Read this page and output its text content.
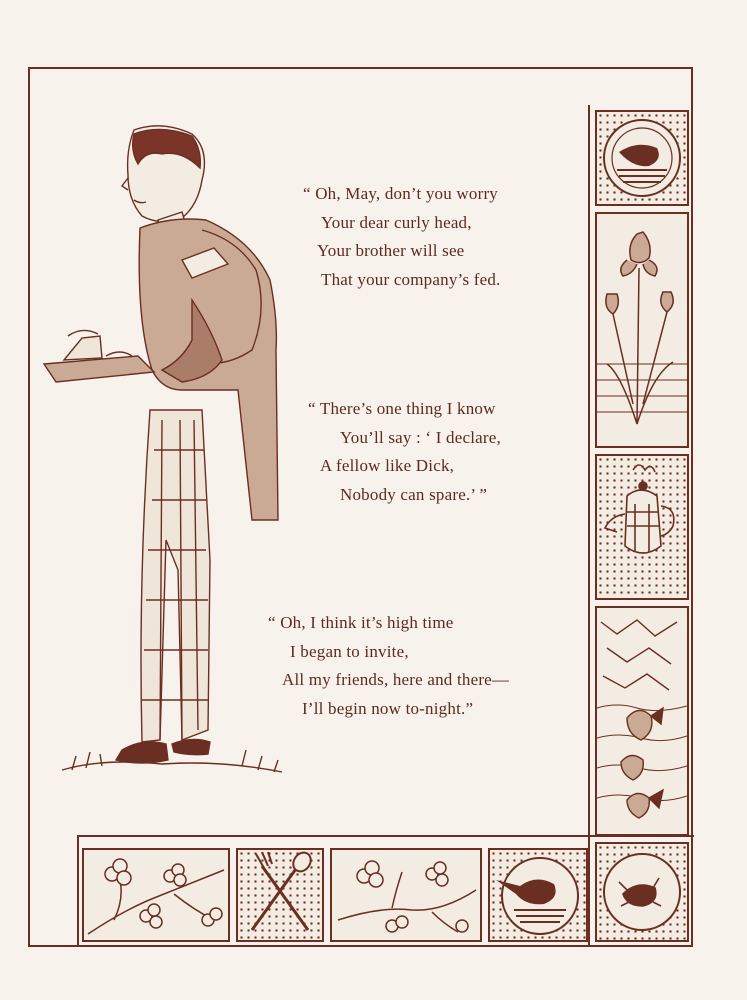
“ Oh, May, don’t you worry
Your dear curly head,
Your brother will see
That your company’s fed.
“ There’s one thing I know
You’ll say : ‘ I declare,
A fellow like Dick,
Nobody can spare.’ ”
“ Oh, I think it’s high time
I began to invite,
All my friends, here and there—
I’ll begin now to-night.”
